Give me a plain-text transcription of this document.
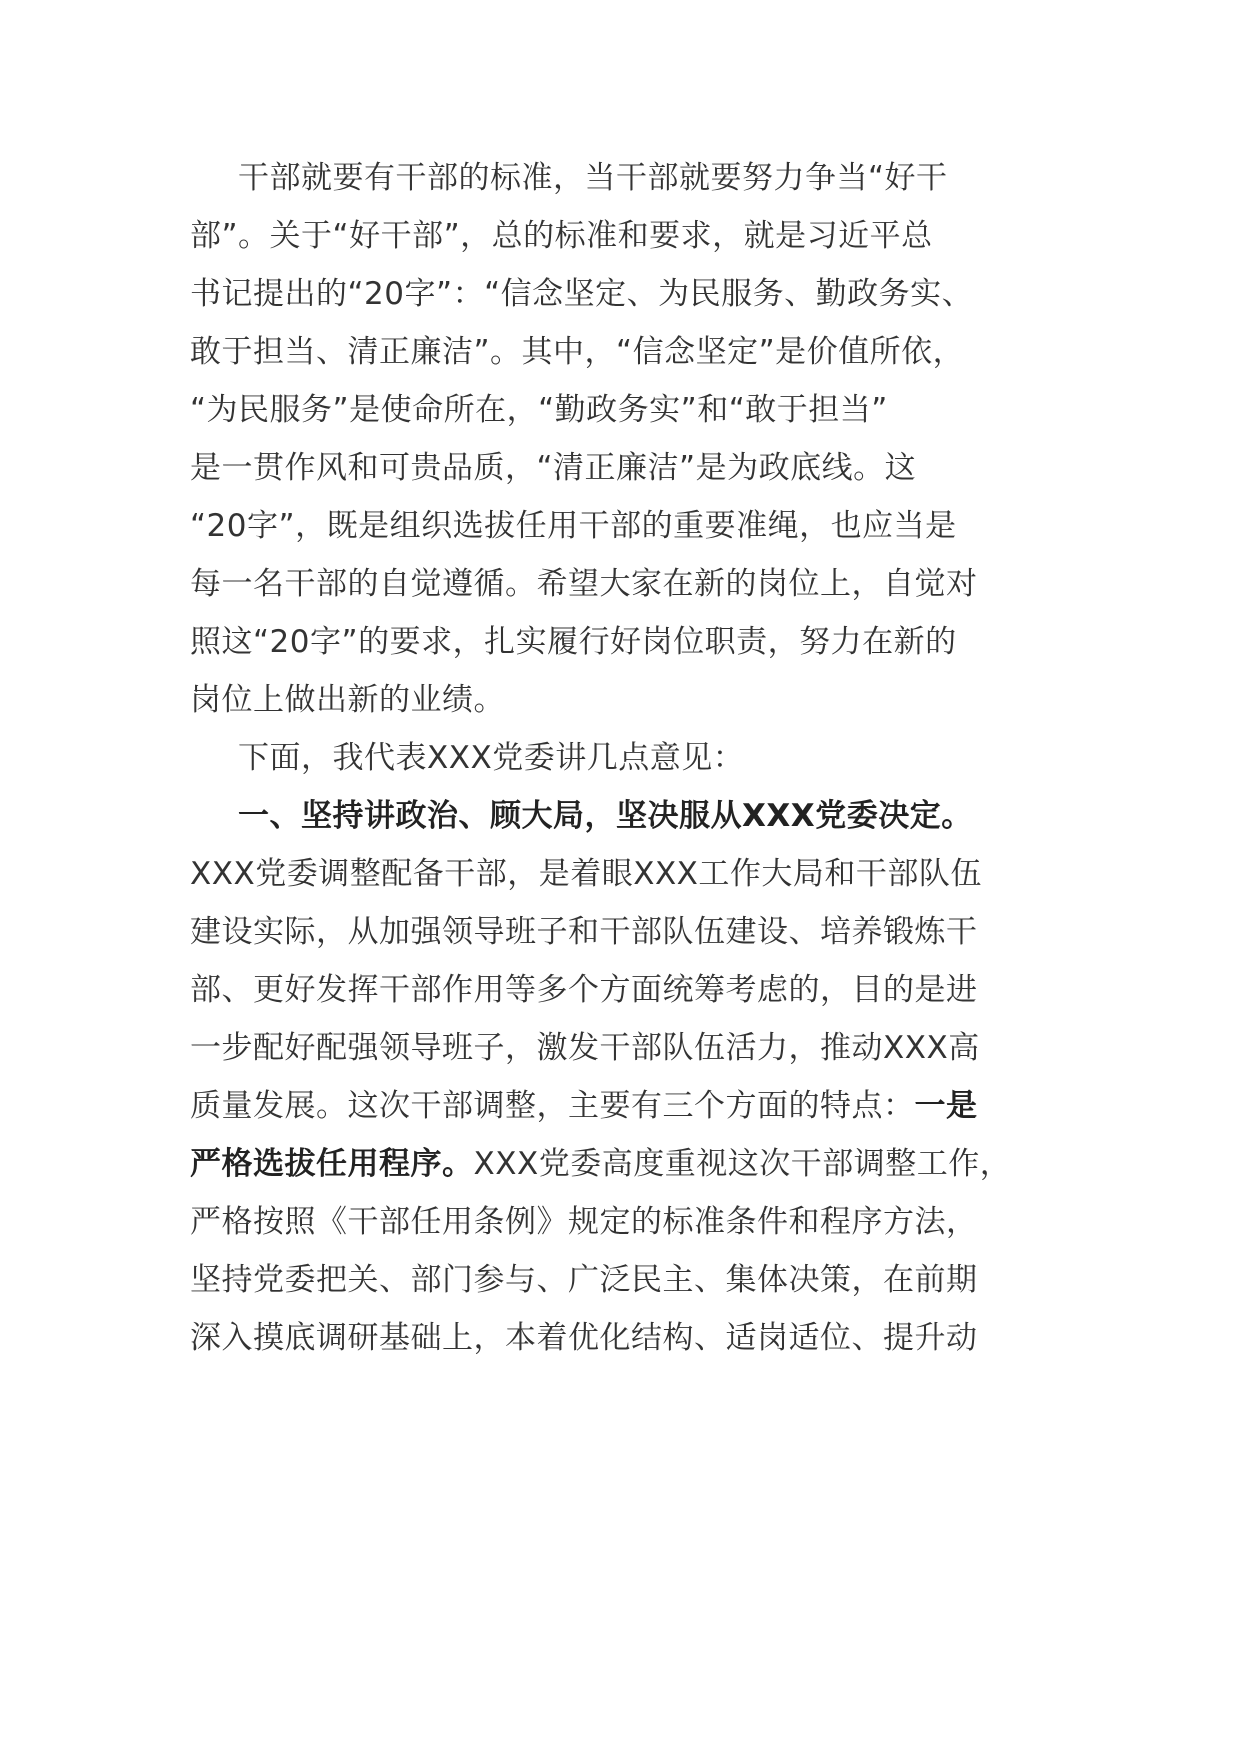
干部就要有干部的标准，当干部就要努力争当“好干
部”。关于“好干部”，总的标准和要求，就是习近平总
书记提出的“20字”：“信念坚定、为民服务、勤政务实、
敢于担当、清正廉洁”。其中，“信念坚定”是价值所依，
“为民服务”是使命所在，“勤政务实”和“敢于担当”
是一贯作风和可贵品质，“清正廉洁”是为政底线。这
“20字”，既是组织选拔任用干部的重要准绳，也应当是
每一名干部的自觉遵循。希望大家在新的岗位上，自觉对
照这“20字”的要求，扎实履行好岗位职责，努力在新的
岗位上做出新的业绩。
下面，我代表XXX党委讲几点意见：
一、坚持讲政治、顾大局，坚决服从XXX党委决定。
XXX党委调整配备干部，是着眼XXX工作大局和干部队伍
建设实际，从加强领导班子和干部队伍建设、培养锻炼干
部、更好发挥干部作用等多个方面统筹考虑的，目的是进
一步配好配强领导班子，激发干部队伍活力，推动XXX高
质量发展。这次干部调整，主要有三个方面的特点：一是
严格选拔任用程序。XXX党委高度重视这次干部调整工作，
严格按照《干部任用条例》规定的标准条件和程序方法，
坚持党委把关、部门参与、广泛民主、集体决策，在前期
深入摸底调研基础上，本着优化结构、适岗适位、提升动
